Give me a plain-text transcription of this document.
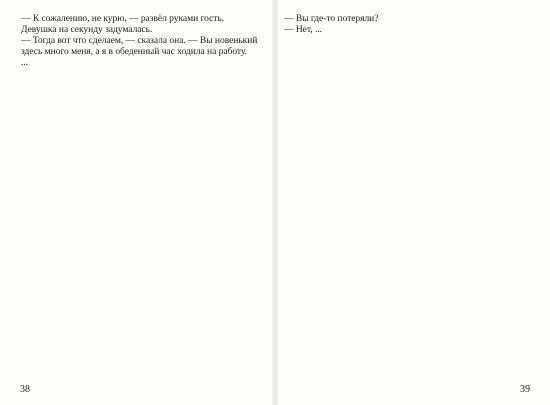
— К сожалению, не курю, — развёл руками гость.

Девушка на секунду задумалась.

— Тогда вот что сделаем, — сказала она. — Вы новенький

здесь много меня, а я в обеденный час ходила на работу.

...

38

— Вы где-то потеряли?

— Нет, ...

39
